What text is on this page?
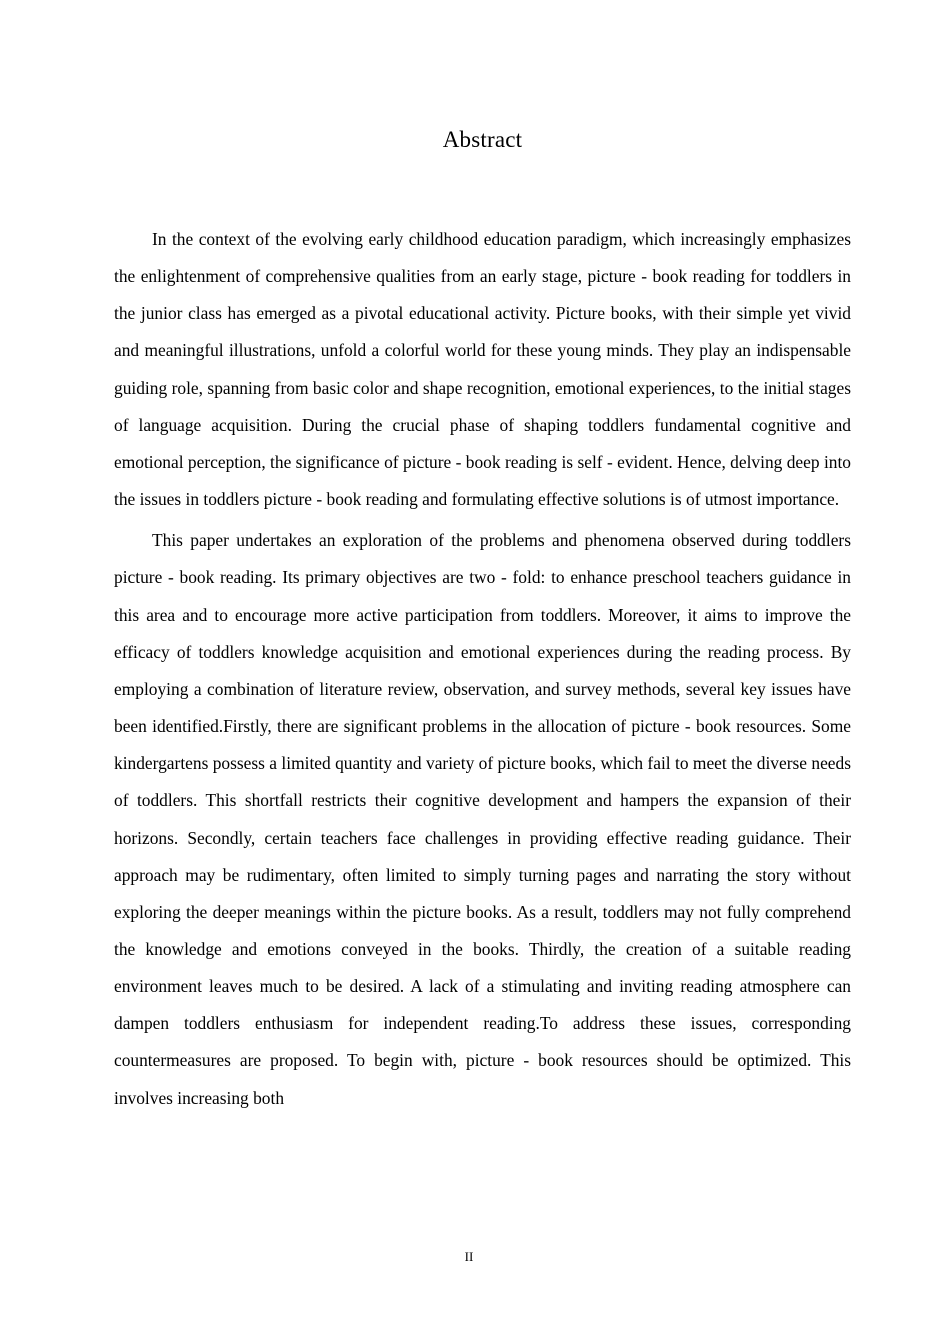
Abstract

In the context of the evolving early childhood education paradigm, which increasingly emphasizes the enlightenment of comprehensive qualities from an early stage, picture - book reading for toddlers in the junior class has emerged as a pivotal educational activity. Picture books, with their simple yet vivid and meaningful illustrations, unfold a colorful world for these young minds. They play an indispensable guiding role, spanning from basic color and shape recognition, emotional experiences, to the initial stages of language acquisition. During the crucial phase of shaping toddlers fundamental cognitive and emotional perception, the significance of picture - book reading is self - evident. Hence, delving deep into the issues in toddlers picture - book reading and formulating effective solutions is of utmost importance.

This paper undertakes an exploration of the problems and phenomena observed during toddlers picture - book reading. Its primary objectives are two - fold: to enhance preschool teachers guidance in this area and to encourage more active participation from toddlers. Moreover, it aims to improve the efficacy of toddlers knowledge acquisition and emotional experiences during the reading process. By employing a combination of literature review, observation, and survey methods, several key issues have been identified.Firstly, there are significant problems in the allocation of picture - book resources. Some kindergartens possess a limited quantity and variety of picture books, which fail to meet the diverse needs of toddlers. This shortfall restricts their cognitive development and hampers the expansion of their horizons. Secondly, certain teachers face challenges in providing effective reading guidance. Their approach may be rudimentary, often limited to simply turning pages and narrating the story without exploring the deeper meanings within the picture books. As a result, toddlers may not fully comprehend the knowledge and emotions conveyed in the books. Thirdly, the creation of a suitable reading environment leaves much to be desired. A lack of a stimulating and inviting reading atmosphere can dampen toddlers enthusiasm for independent reading.To address these issues, corresponding countermeasures are proposed. To begin with, picture - book resources should be optimized. This involves increasing both

II
